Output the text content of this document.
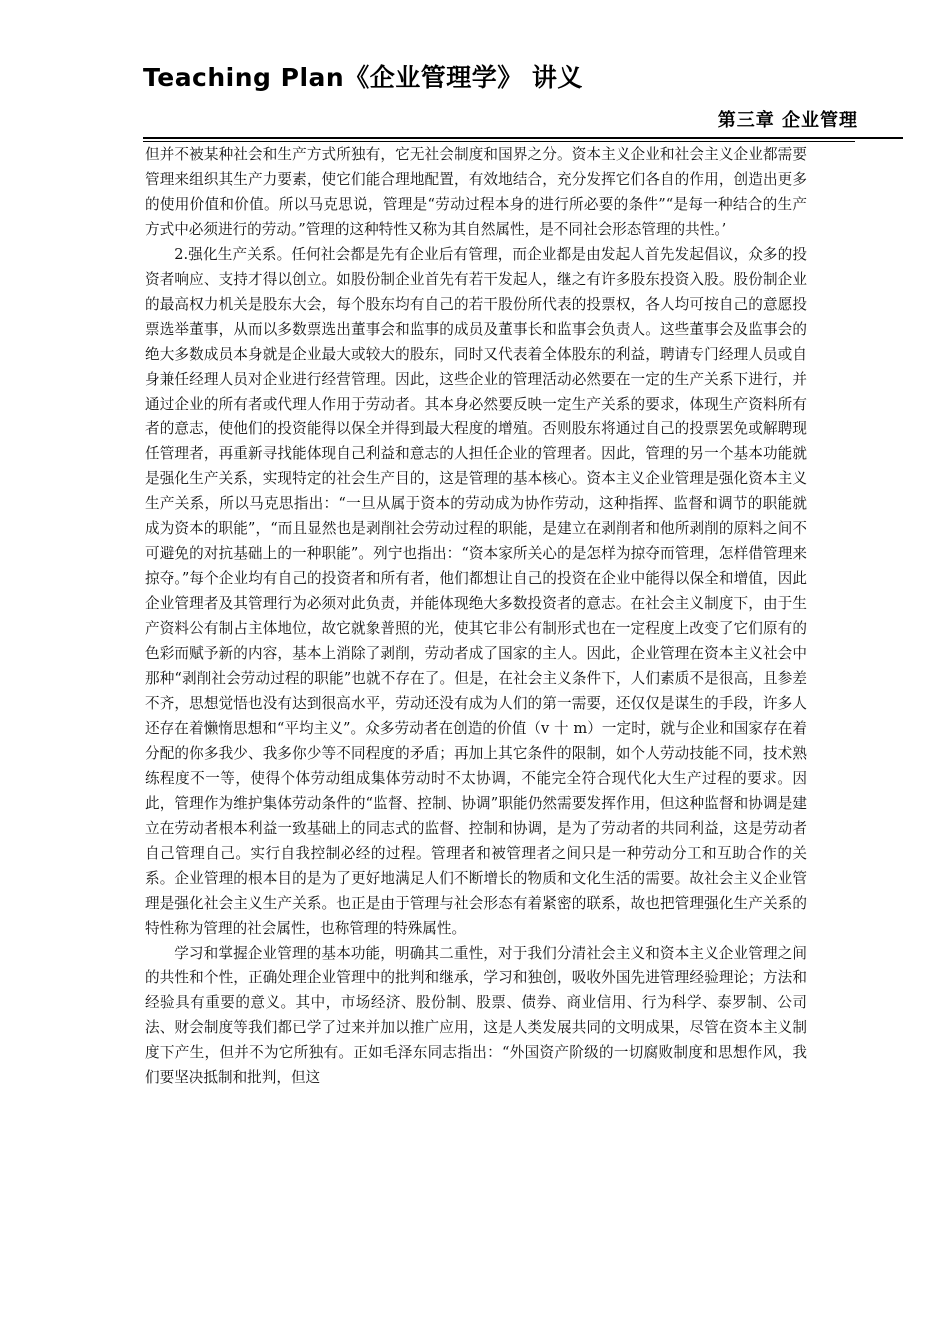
Teaching Plan《企业管理学》 讲义
第三章 企业管理

但并不被某种社会和生产方式所独有，它无社会制度和国界之分。资本主义企业和社会主义企业都需要管理来组织其生产力要素，使它们能合理地配置，有效地结合，充分发挥它们各自的作用，创造出更多的使用价值和价值。所以马克思说，管理是“劳动过程本身的进行所必要的条件”“是每一种结合的生产方式中必须进行的劳动。”管理的这种特性又称为其自然属性，是不同社会形态管理的共性。’

2.强化生产关系。任何社会都是先有企业后有管理，而企业都是由发起人首先发起倡议，众多的投资者响应、支持才得以创立。如股份制企业首先有若干发起人，继之有许多股东投资入股。股份制企业的最高权力机关是股东大会，每个股东均有自己的若干股份所代表的投票权，各人均可按自己的意愿投票选举董事，从而以多数票选出董事会和监事的成员及董事长和监事会负责人。这些董事会及监事会的绝大多数成员本身就是企业最大或较大的股东，同时又代表着全体股东的利益，聘请专门经理人员或自身兼任经理人员对企业进行经营管理。因此，这些企业的管理活动必然要在一定的生产关系下进行，并通过企业的所有者或代理人作用于劳动者。其本身必然要反映一定生产关系的要求，体现生产资料所有者的意志，使他们的投资能得以保全并得到最大程度的增殖。否则股东将通过自己的投票罢免或解聘现任管理者，再重新寻找能体现自己利益和意志的人担任企业的管理者。因此，管理的另一个基本功能就是强化生产关系，实现特定的社会生产目的，这是管理的基本核心。资本主义企业管理是强化资本主义生产关系，所以马克思指出：“一旦从属于资本的劳动成为协作劳动，这种指挥、监督和调节的职能就成为资本的职能”，“而且显然也是剥削社会劳动过程的职能，是建立在剥削者和他所剥削的原料之间不可避免的对抗基础上的一种职能”。列宁也指出：“资本家所关心的是怎样为掠夺而管理，怎样借管理来掠夺。”每个企业均有自己的投资者和所有者，他们都想让自己的投资在企业中能得以保全和增值，因此企业管理者及其管理行为必须对此负责，并能体现绝大多数投资者的意志。在社会主义制度下，由于生产资料公有制占主体地位，故它就象普照的光，使其它非公有制形式也在一定程度上改变了它们原有的色彩而赋予新的内容，基本上消除了剥削，劳动者成了国家的主人。因此，企业管理在资本主义社会中那种“剥削社会劳动过程的职能”也就不存在了。但是，在社会主义条件下，人们素质不是很高，且参差不齐，思想觉悟也没有达到很高水平，劳动还没有成为人们的第一需要，还仅仅是谋生的手段，许多人还存在着懒惰思想和“平均主义”。众多劳动者在创造的价值（v 十 m）一定时，就与企业和国家存在着分配的你多我少、我多你少等不同程度的矛盾；再加上其它条件的限制，如个人劳动技能不同，技术熟练程度不一等，使得个体劳动组成集体劳动时不太协调，不能完全符合现代化大生产过程的要求。因此，管理作为维护集体劳动条件的“监督、控制、协调”职能仍然需要发挥作用，但这种监督和协调是建立在劳动者根本利益一致基础上的同志式的监督、控制和协调，是为了劳动者的共同利益，这是劳动者自己管理自己。实行自我控制必经的过程。管理者和被管理者之间只是一种劳动分工和互助合作的关系。企业管理的根本目的是为了更好地满足人们不断增长的物质和文化生活的需要。故社会主义企业管理是强化社会主义生产关系。也正是由于管理与社会形态有着紧密的联系，故也把管理强化生产关系的特性称为管理的社会属性，也称管理的特殊属性。

学习和掌握企业管理的基本功能，明确其二重性，对于我们分清社会主义和资本主义企业管理之间的共性和个性，正确处理企业管理中的批判和继承，学习和独创，吸收外国先进管理经验理论；方法和经验具有重要的意义。其中，市场经济、股份制、股票、债券、商业信用、行为科学、泰罗制、公司法、财会制度等我们都已学了过来并加以推广应用，这是人类发展共同的文明成果，尽管在资本主义制度下产生，但并不为它所独有。正如毛泽东同志指出：“外国资产阶级的一切腐败制度和思想作风，我们要坚决抵制和批判，但这
